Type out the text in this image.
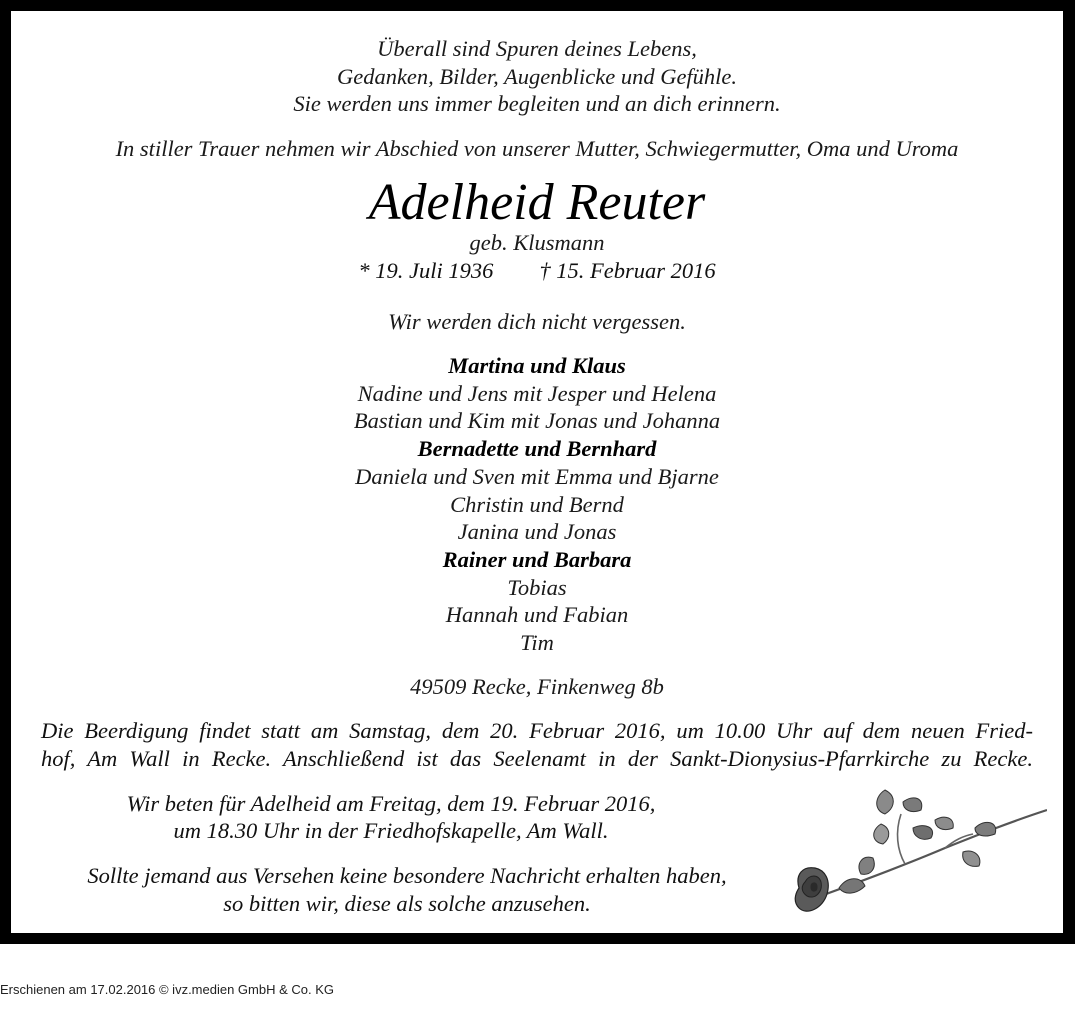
Überall sind Spuren deines Lebens,
Gedanken, Bilder, Augenblicke und Gefühle.
Sie werden uns immer begleiten und an dich erinnern.
In stiller Trauer nehmen wir Abschied von unserer Mutter, Schwiegermutter, Oma und Uroma
Adelheid Reuter
geb. Klusmann
* 19. Juli 1936 † 15. Februar 2016
Wir werden dich nicht vergessen.
Martina und Klaus
Nadine und Jens mit Jesper und Helena
Bastian und Kim mit Jonas und Johanna
Bernadette und Bernhard
Daniela und Sven mit Emma und Bjarne
Christin und Bernd
Janina und Jonas
Rainer und Barbara
Tobias
Hannah und Fabian
Tim
49509 Recke, Finkenweg 8b
Die Beerdigung findet statt am Samstag, dem 20. Februar 2016, um 10.00 Uhr auf dem neuen Fried-
hof, Am Wall in Recke. Anschließend ist das Seelenamt in der Sankt-Dionysius-Pfarrkirche zu Recke.
Wir beten für Adelheid am Freitag, dem 19. Februar 2016,
um 18.30 Uhr in der Friedhofskapelle, Am Wall.
Sollte jemand aus Versehen keine besondere Nachricht erhalten haben,
so bitten wir, diese als solche anzusehen.
Erschienen am 17.02.2016 © ivz.medien GmbH & Co. KG
